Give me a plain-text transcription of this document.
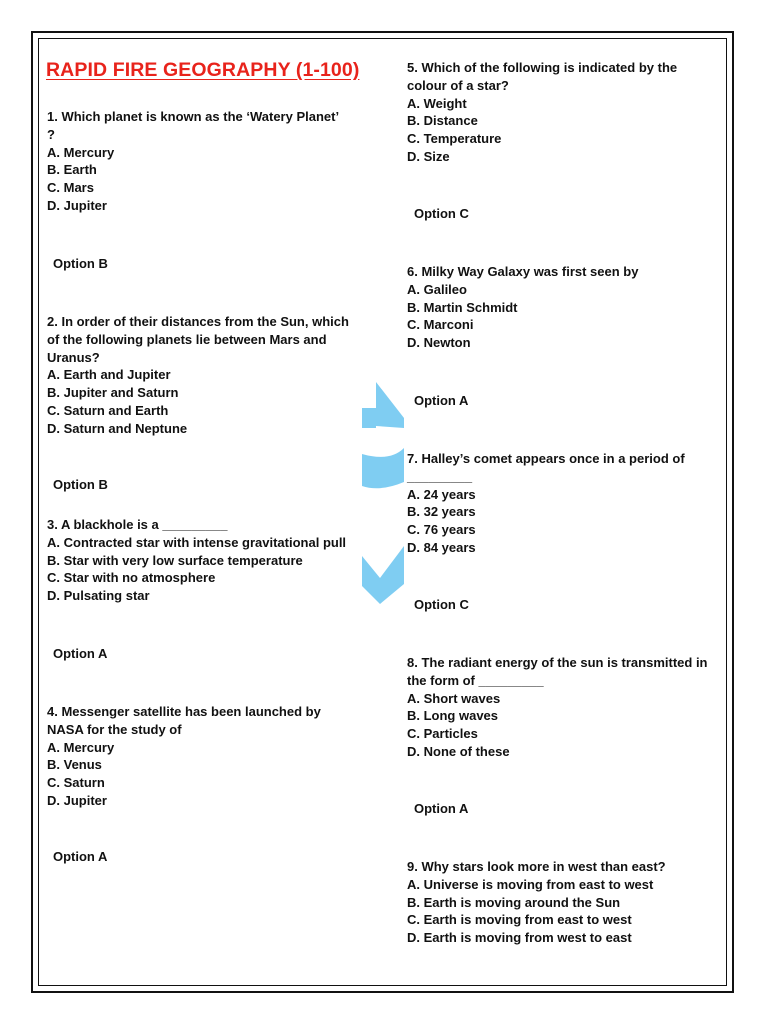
RAPID FIRE GEOGRAPHY (1-100)
1. Which planet is known as the ‘Watery Planet’
?
A. Mercury
B. Earth
C. Mars
D. Jupiter
Option B
2. In order of their distances from the Sun, which
of the following planets lie between Mars and
Uranus?
A. Earth and Jupiter
B. Jupiter and Saturn
C. Saturn and Earth
D. Saturn and Neptune
Option B
3. A blackhole is a _________
A. Contracted star with intense gravitational pull
B. Star with very low surface temperature
C. Star with no atmosphere
D. Pulsating star
Option A
4. Messenger satellite has been launched by
NASA for the study of
A. Mercury
B. Venus
C. Saturn
D. Jupiter
Option A
5. Which of the following is indicated by the
colour of a star?
A. Weight
B. Distance
C. Temperature
D. Size
Option C
6. Milky Way Galaxy was first seen by
A. Galileo
B. Martin Schmidt
C. Marconi
D. Newton
Option A
7. Halley’s comet appears once in a period of
_________
A. 24 years
B. 32 years
C. 76 years
D. 84 years
Option C
8. The radiant energy of the sun is transmitted in
the form of _________
A. Short waves
B. Long waves
C. Particles
D. None of these
Option A
9. Why stars look more in west than east?
A. Universe is moving from east to west
B. Earth is moving around the Sun
C. Earth is moving from east to west
D. Earth is moving from west to east
